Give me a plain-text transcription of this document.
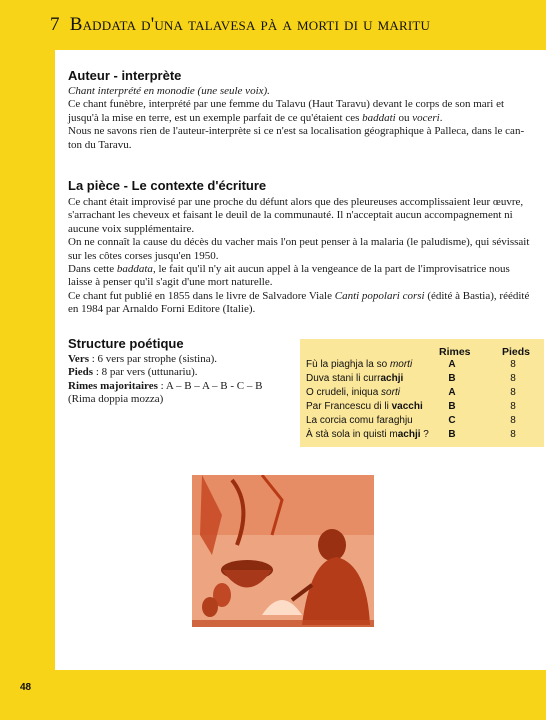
7 Baddata d'una talavesa pà a morti di u maritu

Auteur - interprète

Chant interprété en monodie (une seule voix).

Ce chant funèbre, interprété par une femme du Talavu (Haut Taravu) devant le corps de son mari et
jusqu'à la mise en terre, est un exemple parfait de ce qu'étaient ces baddati ou voceri.
Nous ne savons rien de l'auteur-interprète si ce n'est sa localisation géographique à Palleca, dans le can-
ton du Taravu.

La pièce - Le contexte d'écriture

Ce chant était improvisé par une proche du défunt alors que des pleureuses accomplissaient leur œuvre,
s'arrachant les cheveux et faisant le deuil de la communauté. Il n'acceptait aucun accompagnement ni
aucune voix supplémentaire.
On ne connaît la cause du décès du vacher mais l'on peut penser à la malaria (le paludisme), qui sévissait
sur les côtes corses jusqu'en 1950.
Dans cette baddata, le fait qu'il n'y ait aucun appel à la vengeance de la part de l'improvisatrice nous
laisse à penser qu'il s'agit d'une mort naturelle.
Ce chant fut publié en 1855 dans le livre de Salvadore Viale Canti popolari corsi (édité à Bastia), réédité
en 1984 par Arnaldo Forni Editore (Italie).

Structure poétique

Vers : 6 vers par strophe (sistina).
Pieds : 8 par vers (uttunariu).
Rimes majoritaires : A – B – A – B - C – B
(Rima doppia mozza)
Rimes	Pieds
Fù la piaghja la so morti	A	8
Duva stani li currachji	B	8
O crudeli, iniqua sorti	A	8
Par Francescu di li vacchi	B	8
La corcia comu faraghju	C	8
À stà sola in quisti machji ?	B	8
48
